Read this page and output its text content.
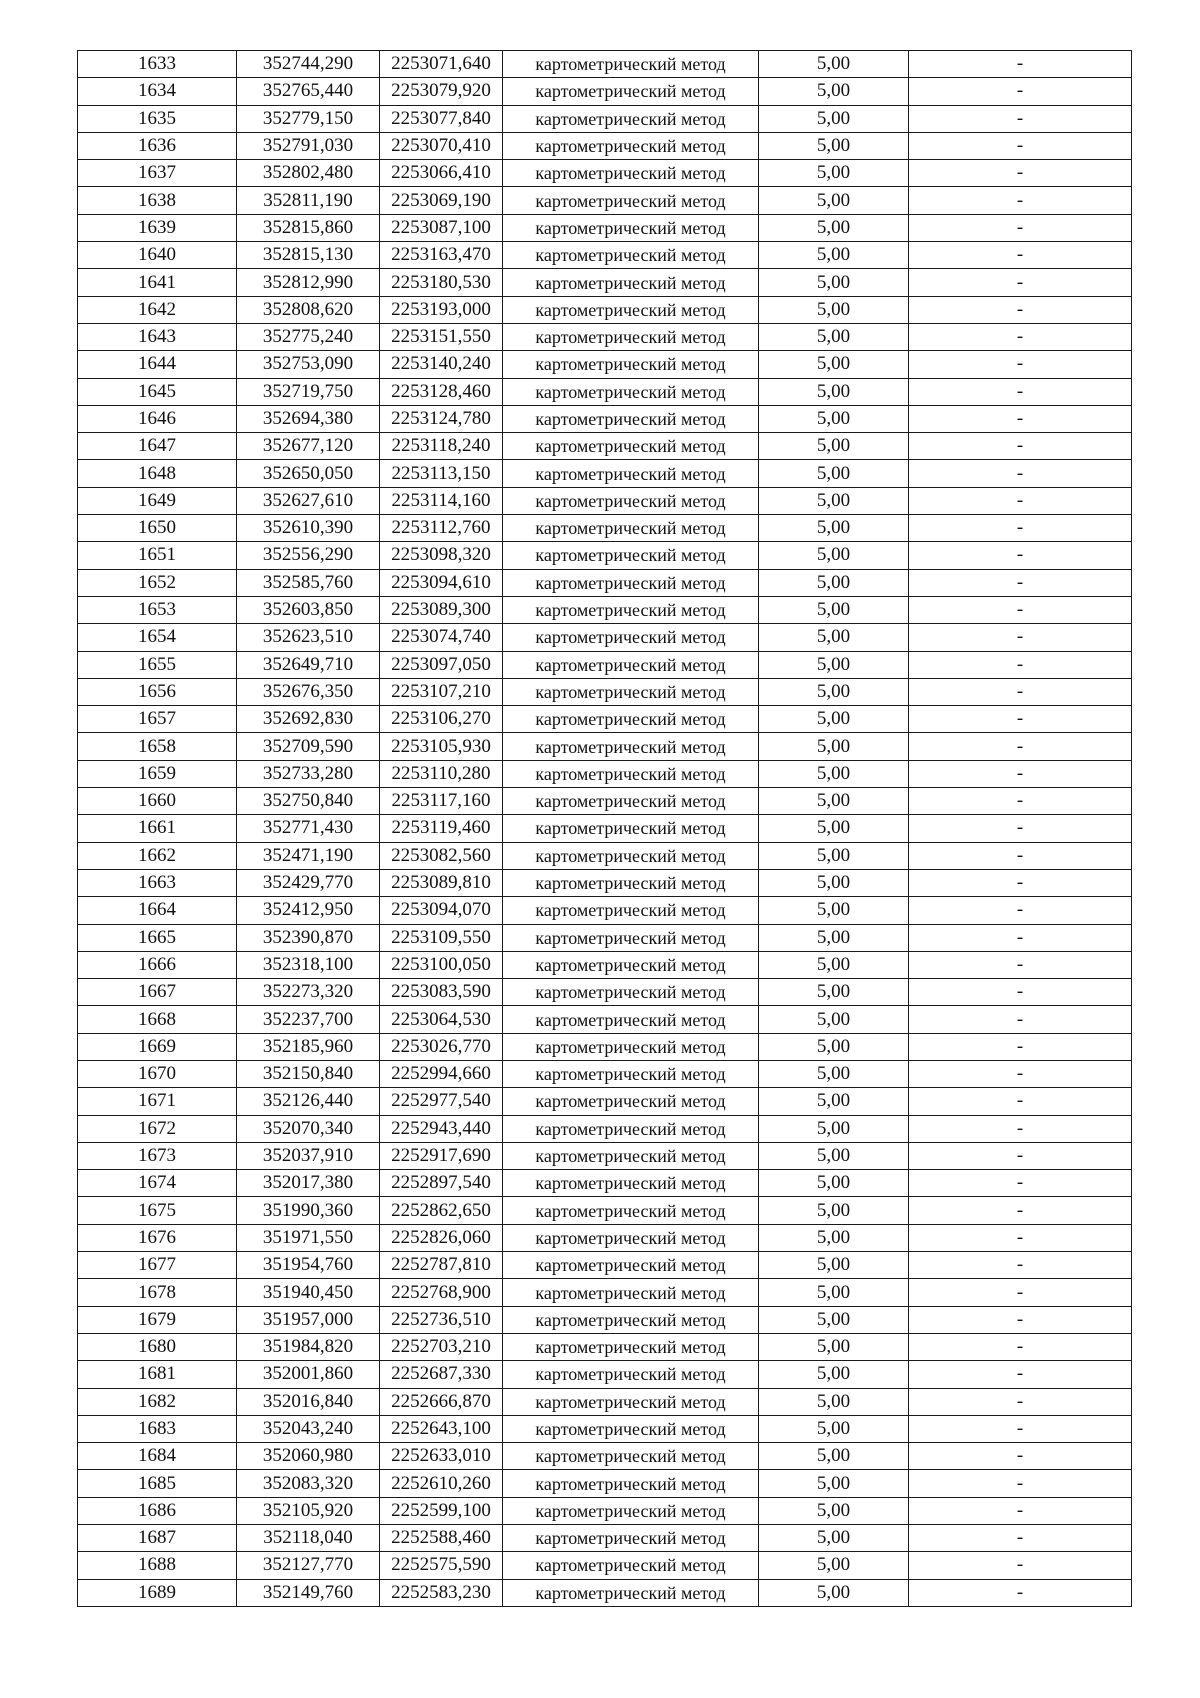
1633	352744,290	2253071,640	картометрический метод	5,00	-
1634	352765,440	2253079,920	картометрический метод	5,00	-
1635	352779,150	2253077,840	картометрический метод	5,00	-
1636	352791,030	2253070,410	картометрический метод	5,00	-
1637	352802,480	2253066,410	картометрический метод	5,00	-
1638	352811,190	2253069,190	картометрический метод	5,00	-
1639	352815,860	2253087,100	картометрический метод	5,00	-
1640	352815,130	2253163,470	картометрический метод	5,00	-
1641	352812,990	2253180,530	картометрический метод	5,00	-
1642	352808,620	2253193,000	картометрический метод	5,00	-
1643	352775,240	2253151,550	картометрический метод	5,00	-
1644	352753,090	2253140,240	картометрический метод	5,00	-
1645	352719,750	2253128,460	картометрический метод	5,00	-
1646	352694,380	2253124,780	картометрический метод	5,00	-
1647	352677,120	2253118,240	картометрический метод	5,00	-
1648	352650,050	2253113,150	картометрический метод	5,00	-
1649	352627,610	2253114,160	картометрический метод	5,00	-
1650	352610,390	2253112,760	картометрический метод	5,00	-
1651	352556,290	2253098,320	картометрический метод	5,00	-
1652	352585,760	2253094,610	картометрический метод	5,00	-
1653	352603,850	2253089,300	картометрический метод	5,00	-
1654	352623,510	2253074,740	картометрический метод	5,00	-
1655	352649,710	2253097,050	картометрический метод	5,00	-
1656	352676,350	2253107,210	картометрический метод	5,00	-
1657	352692,830	2253106,270	картометрический метод	5,00	-
1658	352709,590	2253105,930	картометрический метод	5,00	-
1659	352733,280	2253110,280	картометрический метод	5,00	-
1660	352750,840	2253117,160	картометрический метод	5,00	-
1661	352771,430	2253119,460	картометрический метод	5,00	-
1662	352471,190	2253082,560	картометрический метод	5,00	-
1663	352429,770	2253089,810	картометрический метод	5,00	-
1664	352412,950	2253094,070	картометрический метод	5,00	-
1665	352390,870	2253109,550	картометрический метод	5,00	-
1666	352318,100	2253100,050	картометрический метод	5,00	-
1667	352273,320	2253083,590	картометрический метод	5,00	-
1668	352237,700	2253064,530	картометрический метод	5,00	-
1669	352185,960	2253026,770	картометрический метод	5,00	-
1670	352150,840	2252994,660	картометрический метод	5,00	-
1671	352126,440	2252977,540	картометрический метод	5,00	-
1672	352070,340	2252943,440	картометрический метод	5,00	-
1673	352037,910	2252917,690	картометрический метод	5,00	-
1674	352017,380	2252897,540	картометрический метод	5,00	-
1675	351990,360	2252862,650	картометрический метод	5,00	-
1676	351971,550	2252826,060	картометрический метод	5,00	-
1677	351954,760	2252787,810	картометрический метод	5,00	-
1678	351940,450	2252768,900	картометрический метод	5,00	-
1679	351957,000	2252736,510	картометрический метод	5,00	-
1680	351984,820	2252703,210	картометрический метод	5,00	-
1681	352001,860	2252687,330	картометрический метод	5,00	-
1682	352016,840	2252666,870	картометрический метод	5,00	-
1683	352043,240	2252643,100	картометрический метод	5,00	-
1684	352060,980	2252633,010	картометрический метод	5,00	-
1685	352083,320	2252610,260	картометрический метод	5,00	-
1686	352105,920	2252599,100	картометрический метод	5,00	-
1687	352118,040	2252588,460	картометрический метод	5,00	-
1688	352127,770	2252575,590	картометрический метод	5,00	-
1689	352149,760	2252583,230	картометрический метод	5,00	-
